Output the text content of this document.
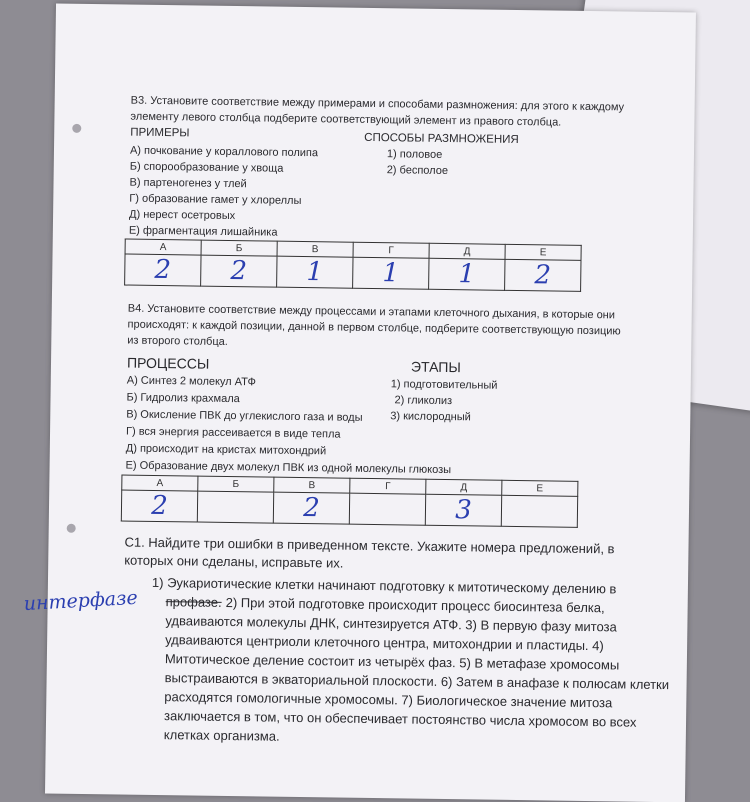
В3. Установите соответствие между примерами и способами размножения: для этого к каждому
элементу левого столбца подберите соответствующий элемент из правого столбца.
ПРИМЕРЫ	СПОСОБЫ РАЗМНОЖЕНИЯ
А) почкование у кораллового полипа
Б) спорообразование у хвоща
В) партеногенез у тлей
Г) образование гамет у хлореллы
Д) нерест осетровых
Е) фрагментация лишайника
1) половое
2) бесполое
А	Б	В	Г	Д	Е
2	2	1	1	1	2
В4. Установите соответствие между процессами и этапами клеточного дыхания, в которые они
происходят: к каждой позиции, данной в первом столбце, подберите соответствующую позицию
из второго столбца.
ПРОЦЕССЫ	ЭТАПЫ
А) Синтез 2 молекул АТФ
Б) Гидролиз крахмала
В) Окисление ПВК до углекислого газа и воды
Г) вся энергия рассеивается в виде тепла
Д) происходит на кристах митохондрий
Е) Образование двух молекул ПВК из одной молекулы глюкозы
1) подготовительный
2) гликолиз
3) кислородный
А	Б	В	Г	Д	Е
2		2		3	
С1. Найдите три ошибки в приведенном тексте. Укажите номера предложений, в
которых они сделаны, исправьте их.
1) Эукариотические клетки начинают подготовку к митотическому делению в
профазе. 2) При этой подготовке происходит процесс биосинтеза белка,
удваиваются молекулы ДНК, синтезируется АТФ. 3) В первую фазу митоза
удваиваются центриоли клеточного центра, митохондрии и пластиды. 4)
Митотическое деление состоит из четырёх фаз. 5) В метафазе хромосомы
выстраиваются в экваториальной плоскости. 6) Затем в анафазе к полюсам клетки
расходятся гомологичные хромосомы. 7) Биологическое значение митоза
заключается в том, что он обеспечивает постоянство числа хромосом во всех
клетках организма.
интерфазе
